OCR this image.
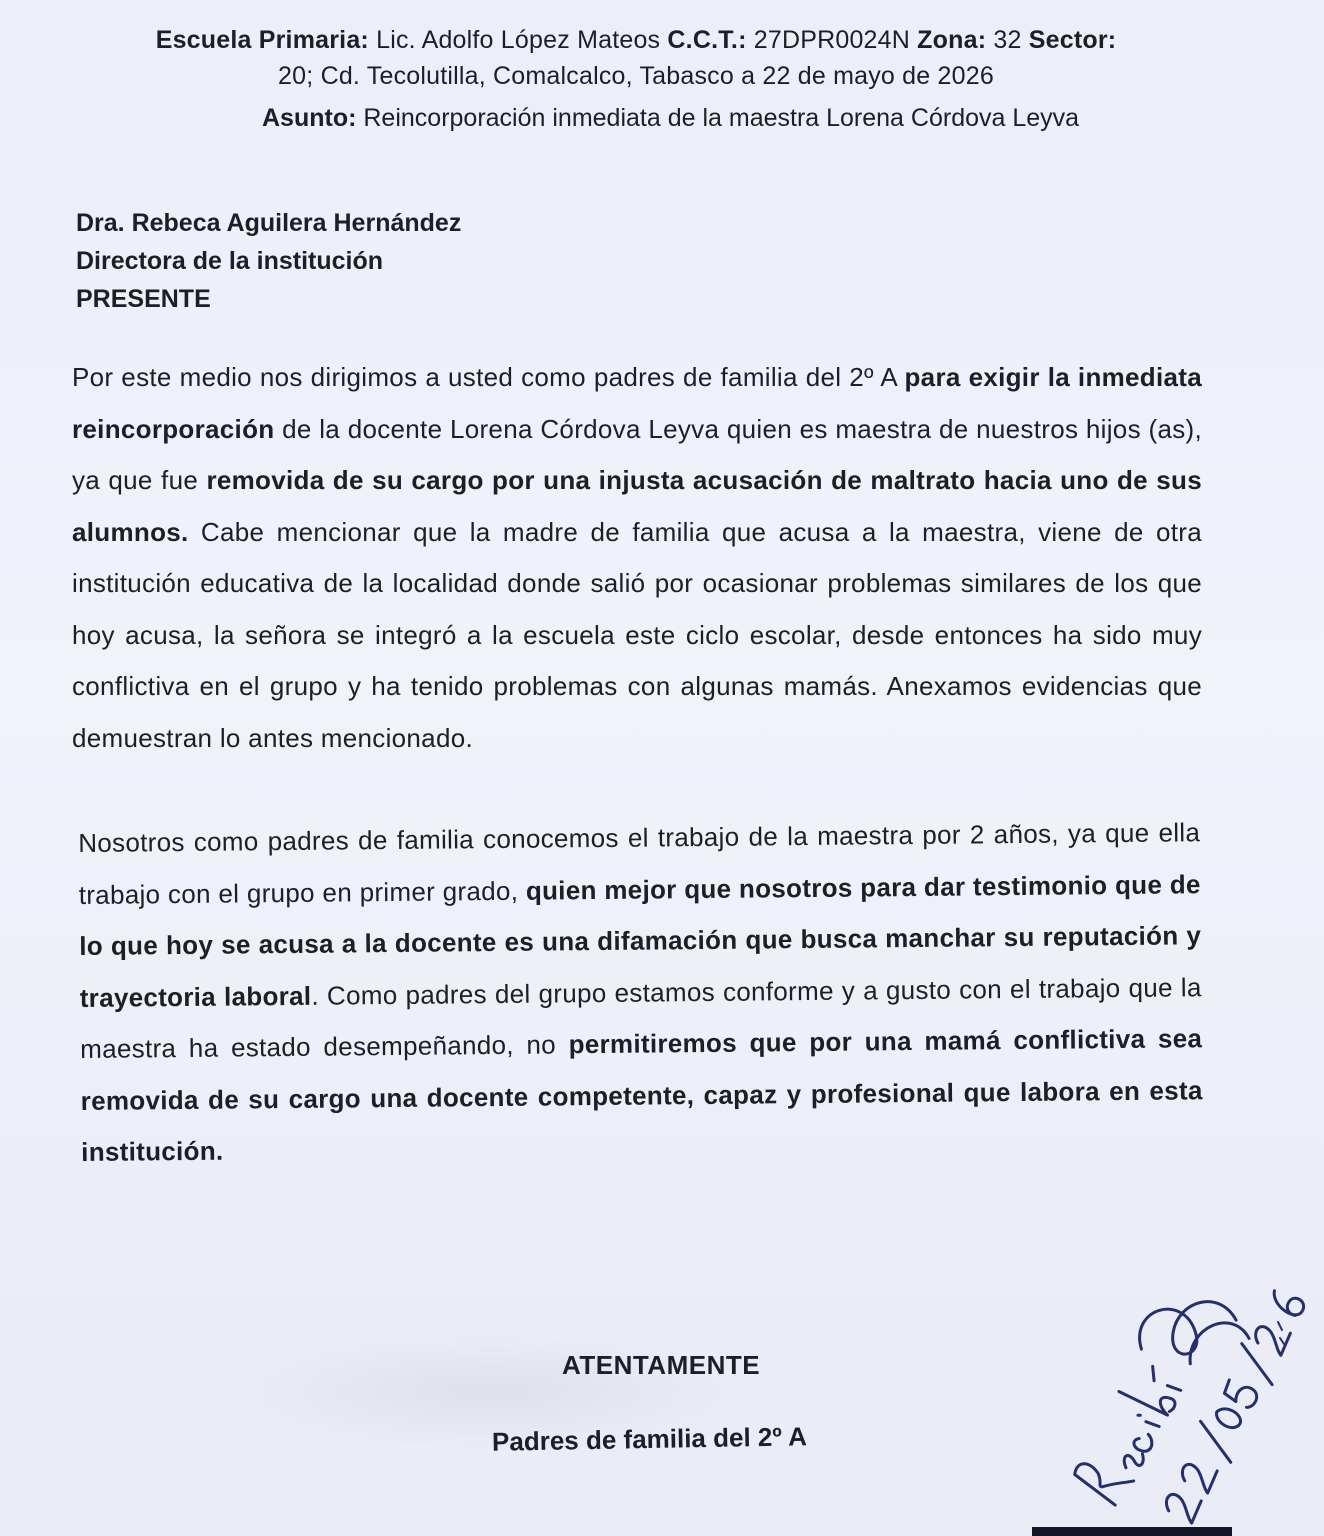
Escuela Primaria: Lic. Adolfo López Mateos C.C.T.: 27DPR0024N Zona: 32 Sector:
20; Cd. Tecolutilla, Comalcalco, Tabasco a 22 de mayo de 2026
Asunto: Reincorporación inmediata de la maestra Lorena Córdova Leyva
Dra. Rebeca Aguilera Hernández
Directora de la institución
PRESENTE
Por este medio nos dirigimos a usted como padres de familia del 2º A para exigir la inmediata reincorporación de la docente Lorena Córdova Leyva quien es maestra de nuestros hijos (as), ya que fue removida de su cargo por una injusta acusación de maltrato hacia uno de sus alumnos. Cabe mencionar que la madre de familia que acusa a la maestra, viene de otra institución educativa de la localidad donde salió por ocasionar problemas similares de los que hoy acusa, la señora se integró a la escuela este ciclo escolar, desde entonces ha sido muy conflictiva en el grupo y ha tenido problemas con algunas mamás. Anexamos evidencias que demuestran lo antes mencionado.
Nosotros como padres de familia conocemos el trabajo de la maestra por 2 años, ya que ella trabajo con el grupo en primer grado, quien mejor que nosotros para dar testimonio que de lo que hoy se acusa a la docente es una difamación que busca manchar su reputación y trayectoria laboral. Como padres del grupo estamos conforme y a gusto con el trabajo que la maestra ha estado desempeñando, no permitiremos que por una mamá conflictiva sea removida de su cargo una docente competente, capaz y profesional que labora en esta institución.
ATENTAMENTE
Padres de familia del 2º A
